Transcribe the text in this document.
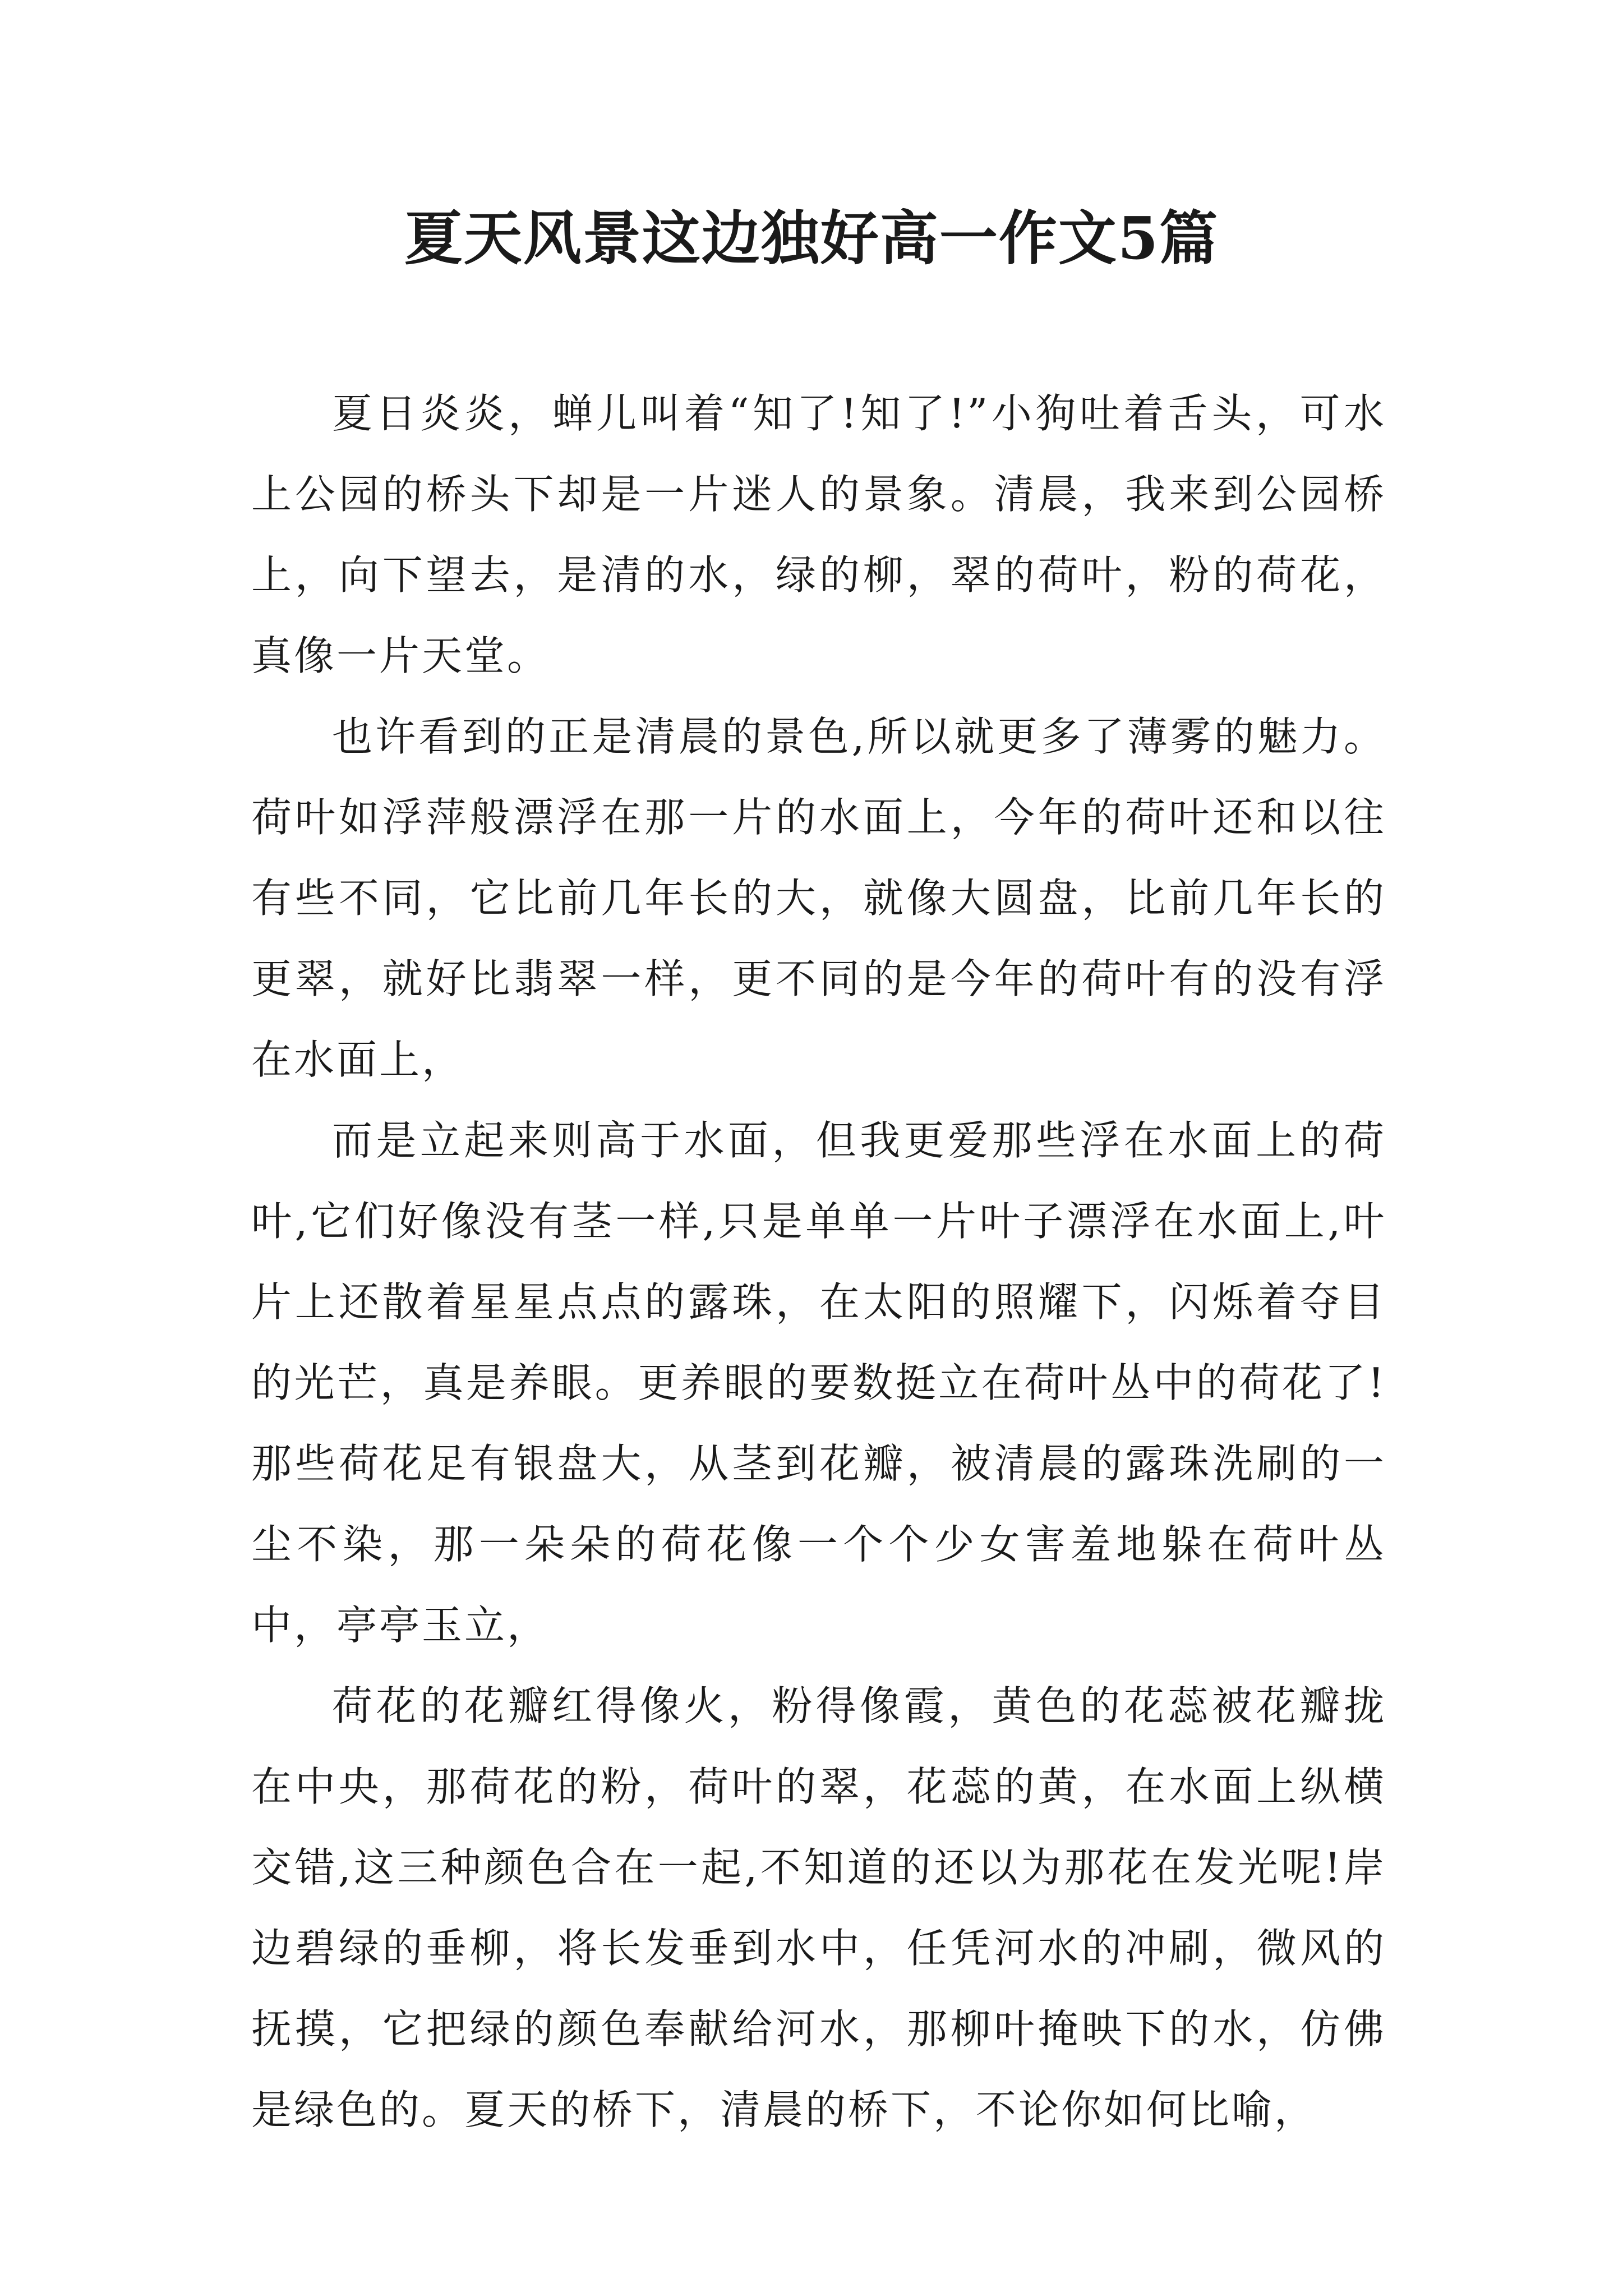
夏天风景这边独好高一作文5篇

夏日炎炎，蝉儿叫着“知了!知了!”小狗吐着舌头，可水上公园的桥头下却是一片迷人的景象。清晨，我来到公园桥上，向下望去，是清的水，绿的柳，翠的荷叶，粉的荷花，真像一片天堂。

也许看到的正是清晨的景色,所以就更多了薄雾的魅力。荷叶如浮萍般漂浮在那一片的水面上，今年的荷叶还和以往有些不同，它比前几年长的大，就像大圆盘，比前几年长的更翠，就好比翡翠一样，更不同的是今年的荷叶有的没有浮在水面上，

而是立起来则高于水面，但我更爱那些浮在水面上的荷叶,它们好像没有茎一样,只是单单一片叶子漂浮在水面上,叶片上还散着星星点点的露珠，在太阳的照耀下，闪烁着夺目的光芒，真是养眼。更养眼的要数挺立在荷叶丛中的荷花了!那些荷花足有银盘大，从茎到花瓣，被清晨的露珠洗刷的一尘不染，那一朵朵的荷花像一个个少女害羞地躲在荷叶丛中，亭亭玉立，

荷花的花瓣红得像火，粉得像霞，黄色的花蕊被花瓣拢在中央，那荷花的粉，荷叶的翠，花蕊的黄，在水面上纵横交错,这三种颜色合在一起,不知道的还以为那花在发光呢!岸边碧绿的垂柳，将长发垂到水中，任凭河水的冲刷，微风的抚摸，它把绿的颜色奉献给河水，那柳叶掩映下的水，仿佛是绿色的。夏天的桥下，清晨的桥下，不论你如何比喻，
